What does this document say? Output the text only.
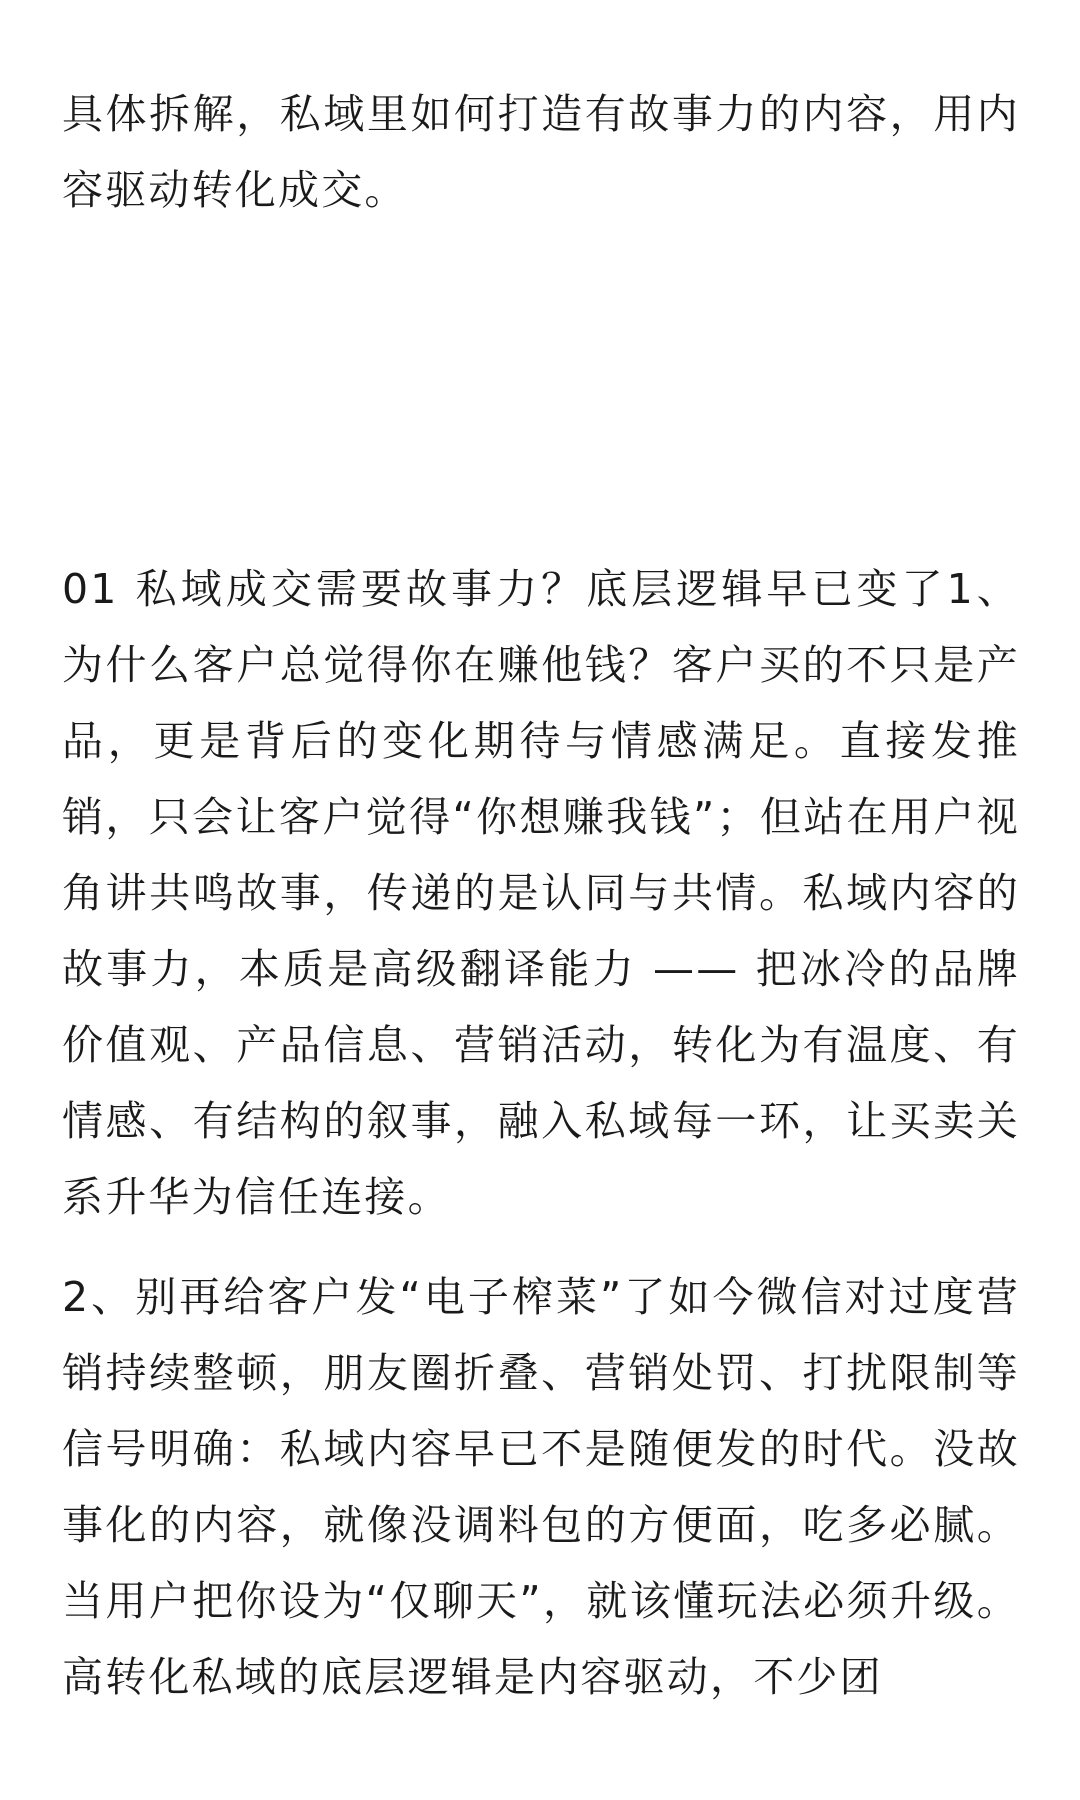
具体拆解，私域里如何打造有故事力的内容，用内容驱动转化成交。

01 私域成交需要故事力？底层逻辑早已变了1、为什么客户总觉得你在赚他钱？客户买的不只是产品，更是背后的变化期待与情感满足。直接发推销，只会让客户觉得“你想赚我钱”；但站在用户视角讲共鸣故事，传递的是认同与共情。私域内容的故事力，本质是高级翻译能力 —— 把冰冷的品牌价值观、产品信息、营销活动，转化为有温度、有情感、有结构的叙事，融入私域每一环，让买卖关系升华为信任连接。

2、别再给客户发“电子榨菜”了如今微信对过度营销持续整顿，朋友圈折叠、营销处罚、打扰限制等信号明确：私域内容早已不是随便发的时代。没故事化的内容，就像没调料包的方便面，吃多必腻。当用户把你设为“仅聊天”，就该懂玩法必须升级。高转化私域的底层逻辑是内容驱动，不少团
